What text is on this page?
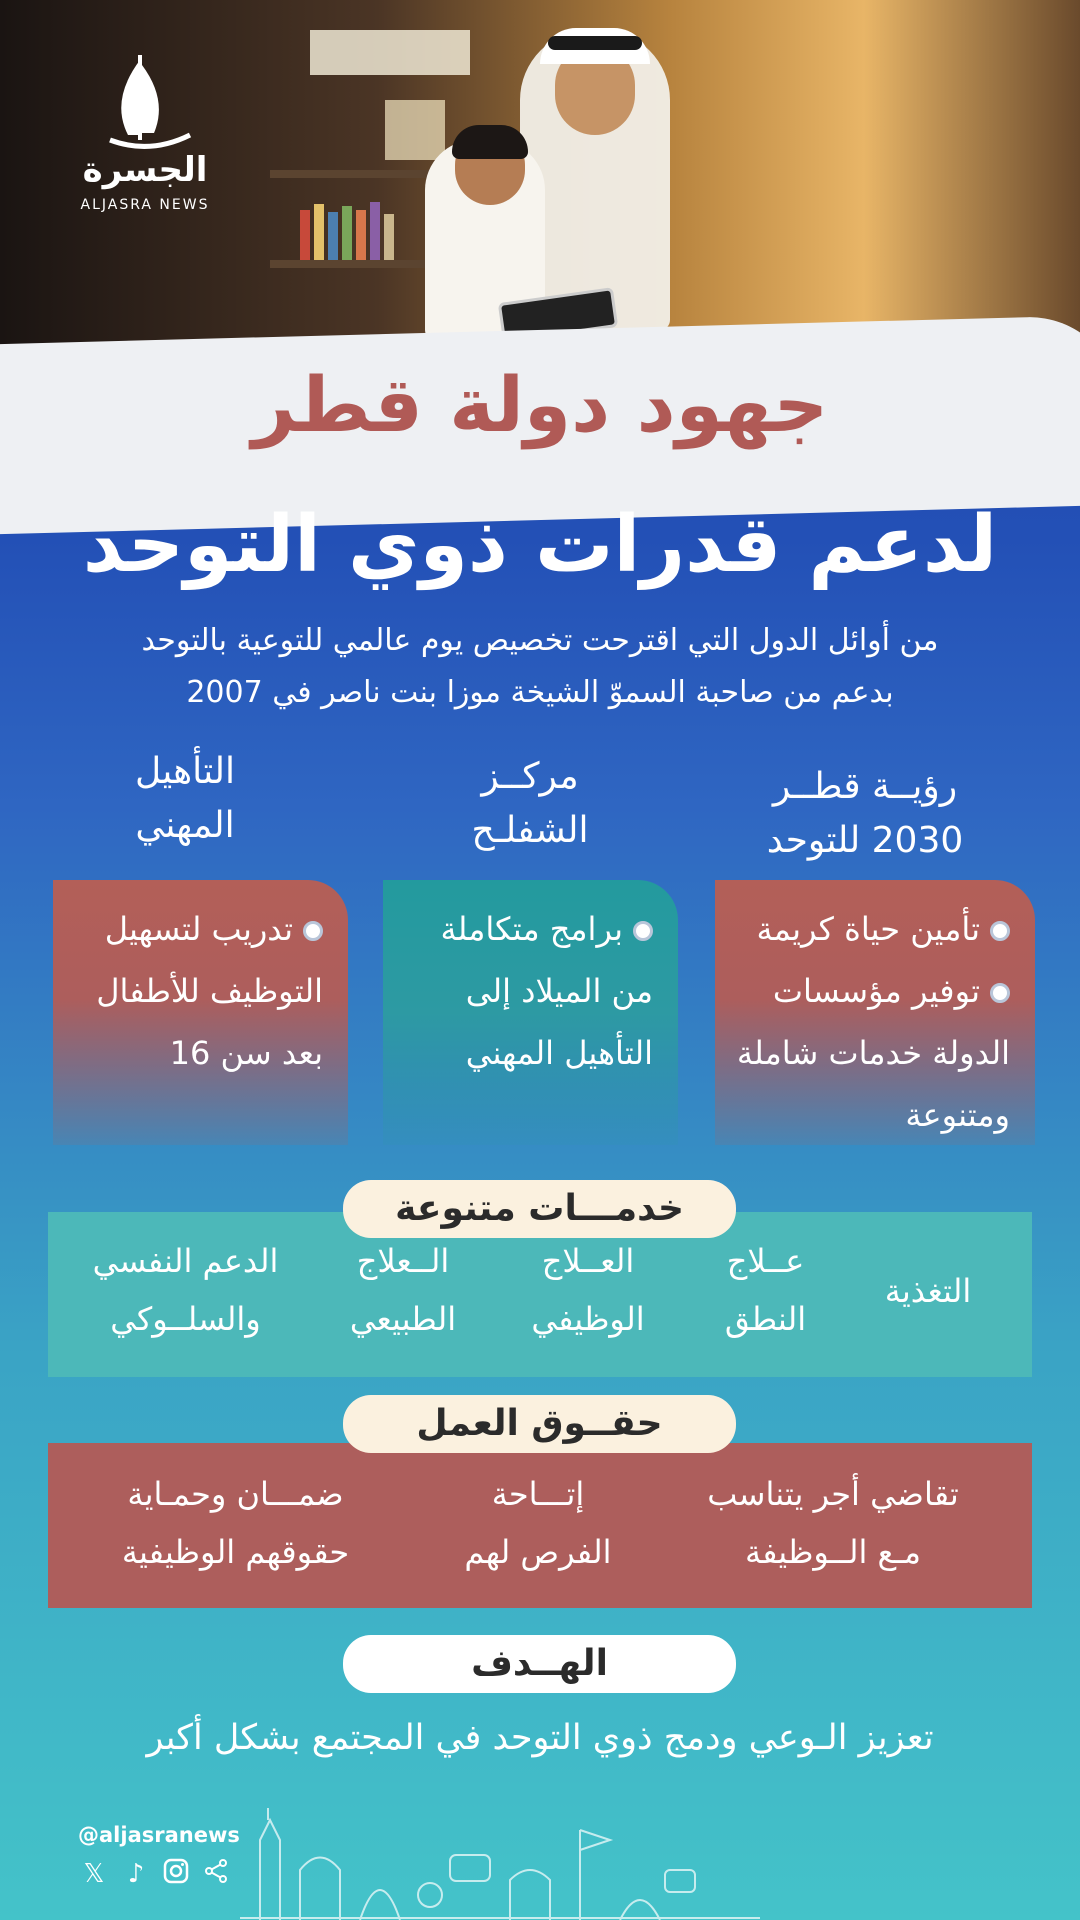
الجسرة
ALJASRA NEWS
جهود دولة قطر
لدعم قدرات ذوي التوحد
من أوائل الدول التي اقترحت تخصيص يوم عالمي للتوعية بالتوحد
بدعم من صاحبة السموّ الشيخة موزا بنت ناصر في 2007
رؤيــة قطــر
2030 للتوحد
مركــز
الشفلـح
التأهيل
المهني
تأمين حياة كريمة
توفير مؤسسات الدولة خدمات شاملة ومتنوعة
برامج متكاملة من الميلاد إلى التأهيل المهني
تدريب لتسهيل التوظيف للأطفال بعد سن 16
التغذية
عــلاج
النطق
العــلاج
الوظيفي
الــعلاج
الطبيعي
الدعم النفسي
والسلــوكي
خدمـــات متنوعة
تقاضي أجر يتناسب
مـع الــوظيفة
إتـــاحة
الفرص لهم
ضمـــان وحمـاية
حقوقهم الوظيفية
حقــوق العمل
الهــدف
تعزيز الـوعي ودمج ذوي التوحد في المجتمع بشكل أكبر
@aljasranews
𝕏 ♪
